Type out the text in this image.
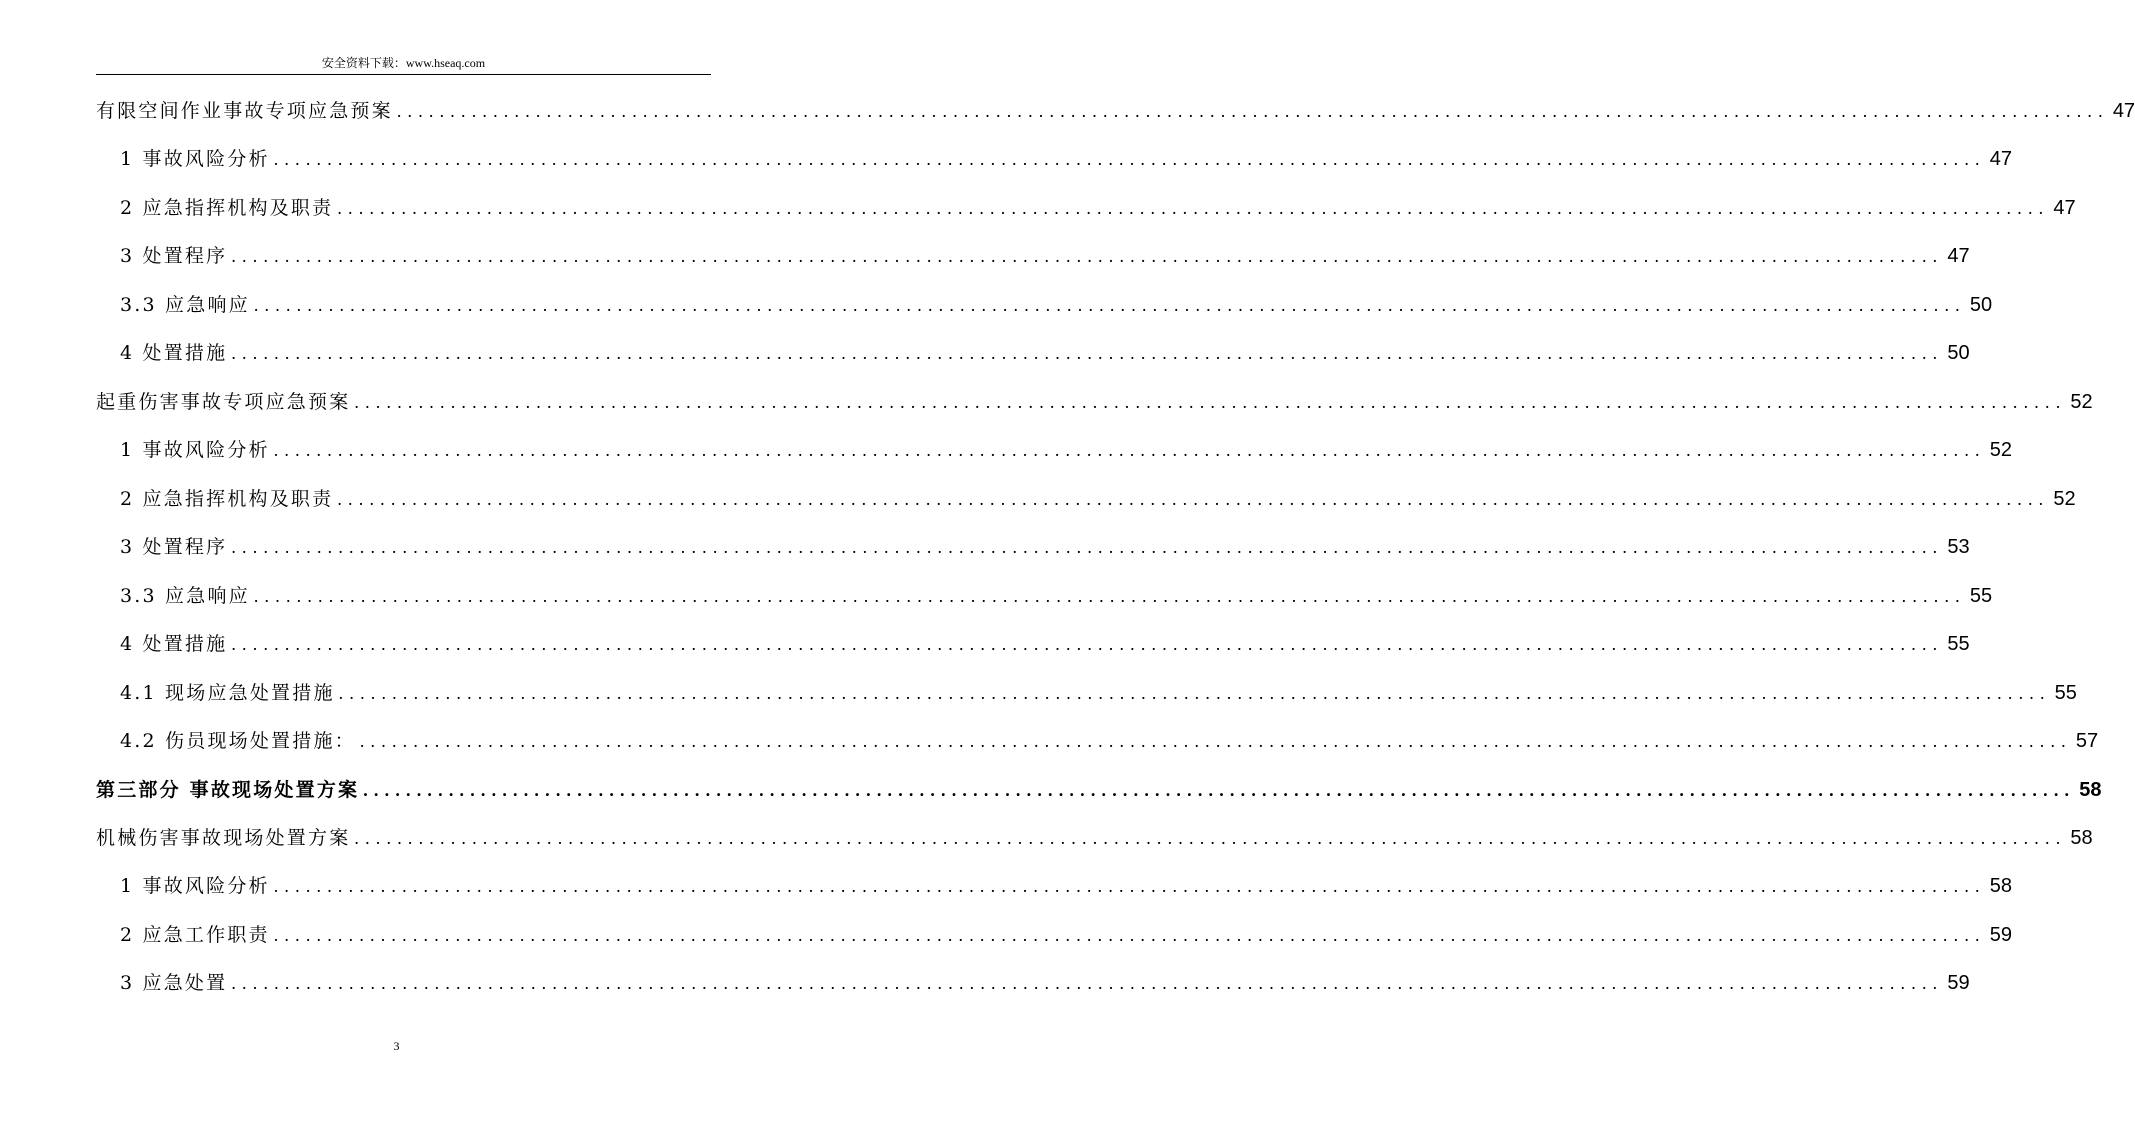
安全资料下载：www.hseaq.com
有限空间作业事故专项应急预案 ................................................................................................................................................................ 47
1 事故风险分析 ................................................................................................................................................................ 47
2 应急指挥机构及职责 ................................................................................................................................................................ 47
3 处置程序 ................................................................................................................................................................ 47
3.3 应急响应 ................................................................................................................................................................ 50
4 处置措施 ................................................................................................................................................................ 50
起重伤害事故专项应急预案 ................................................................................................................................................................ 52
1 事故风险分析 ................................................................................................................................................................ 52
2 应急指挥机构及职责 ................................................................................................................................................................ 52
3 处置程序 ................................................................................................................................................................ 53
3.3 应急响应 ................................................................................................................................................................ 55
4 处置措施 ................................................................................................................................................................ 55
4.1 现场应急处置措施 ................................................................................................................................................................ 55
4.2 伤员现场处置措施： ................................................................................................................................................................ 57
第三部分 事故现场处置方案 ................................................................................................................................................................ 58
机械伤害事故现场处置方案 ................................................................................................................................................................ 58
1 事故风险分析 ................................................................................................................................................................ 58
2 应急工作职责 ................................................................................................................................................................ 59
3 应急处置 ................................................................................................................................................................ 59
3
